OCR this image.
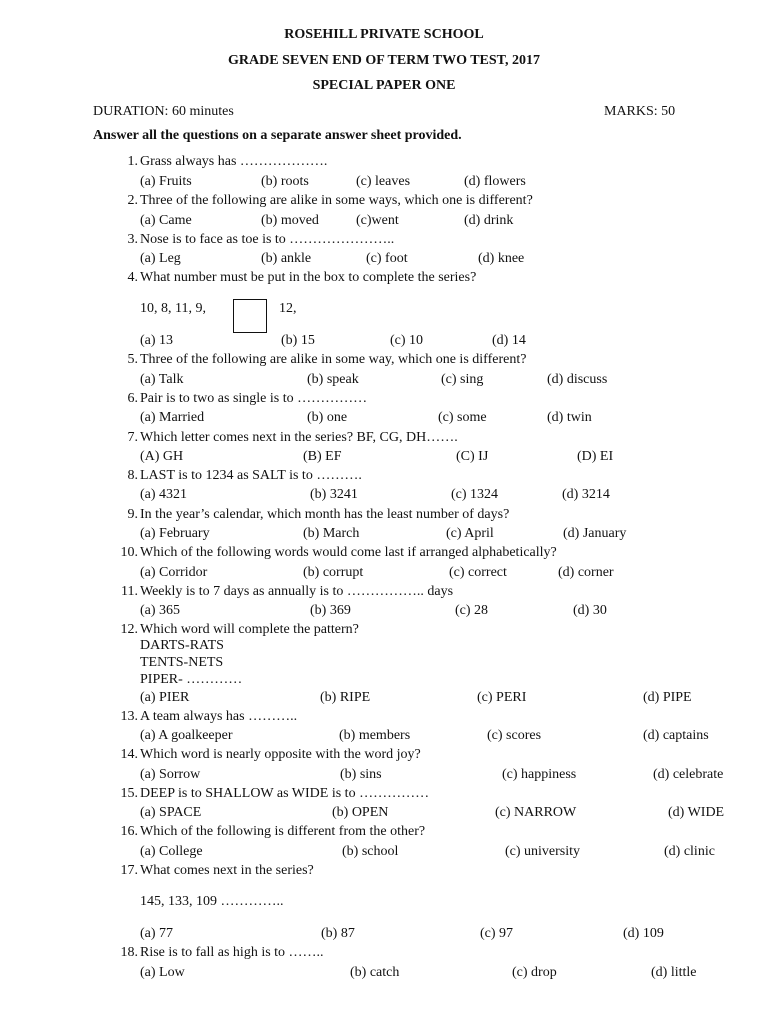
ROSEHILL PRIVATE SCHOOL
GRADE SEVEN END OF TERM TWO TEST, 2017
SPECIAL PAPER ONE
DURATION: 60 minutes	MARKS: 50
Answer all the questions on a separate answer sheet provided.
1. Grass always has ……………….
(a) Fruits	(b) roots	(c) leaves	(d) flowers
2. Three of the following are alike in some ways, which one is different?
(a) Came	(b) moved	(c)went	(d) drink
3. Nose is to face as toe is to …………………..
(a) Leg	(b) ankle	(c) foot	(d) knee
4. What number must be put in the box to complete the series?
10, 8, 11, 9,	12,
(a) 13	(b) 15	(c) 10	(d) 14
5. Three of the following are alike in some way, which one is different?
(a) Talk	(b) speak	(c) sing	(d) discuss
6. Pair is to two as single is to ……………
(a) Married	(b) one	(c) some	(d) twin
7. Which letter comes next in the series? BF, CG, DH…….
(A) GH	(B) EF	(C) IJ	(D) EI
8. LAST is to 1234 as SALT is to ……….
(a) 4321	(b) 3241	(c) 1324	(d) 3214
9. In the year’s calendar, which month has the least number of days?
(a) February	(b) March	(c) April	(d) January
10. Which of the following words would come last if arranged alphabetically?
(a) Corridor	(b) corrupt	(c) correct	(d) corner
11. Weekly is to 7 days as annually is to …………….. days
(a) 365	(b) 369	(c) 28	(d) 30
12. Which word will complete the pattern?
DARTS-RATS
TENTS-NETS
PIPER- …………
(a) PIER	(b) RIPE	(c) PERI	(d) PIPE
13. A team always has ………..
(a) A goalkeeper	(b) members	(c) scores	(d) captains
14. Which word is nearly opposite with the word joy?
(a) Sorrow	(b) sins	(c) happiness	(d) celebrate
15. DEEP is to SHALLOW as WIDE is to ……………
(a) SPACE	(b) OPEN	(c) NARROW	(d) WIDE
16. Which of the following is different from the other?
(a) College	(b) school	(c) university	(d) clinic
17. What comes next in the series?
145, 133, 109 …………..
(a) 77	(b) 87	(c) 97	(d) 109
18. Rise is to fall as high is to ……..
(a) Low	(b) catch	(c) drop	(d) little
